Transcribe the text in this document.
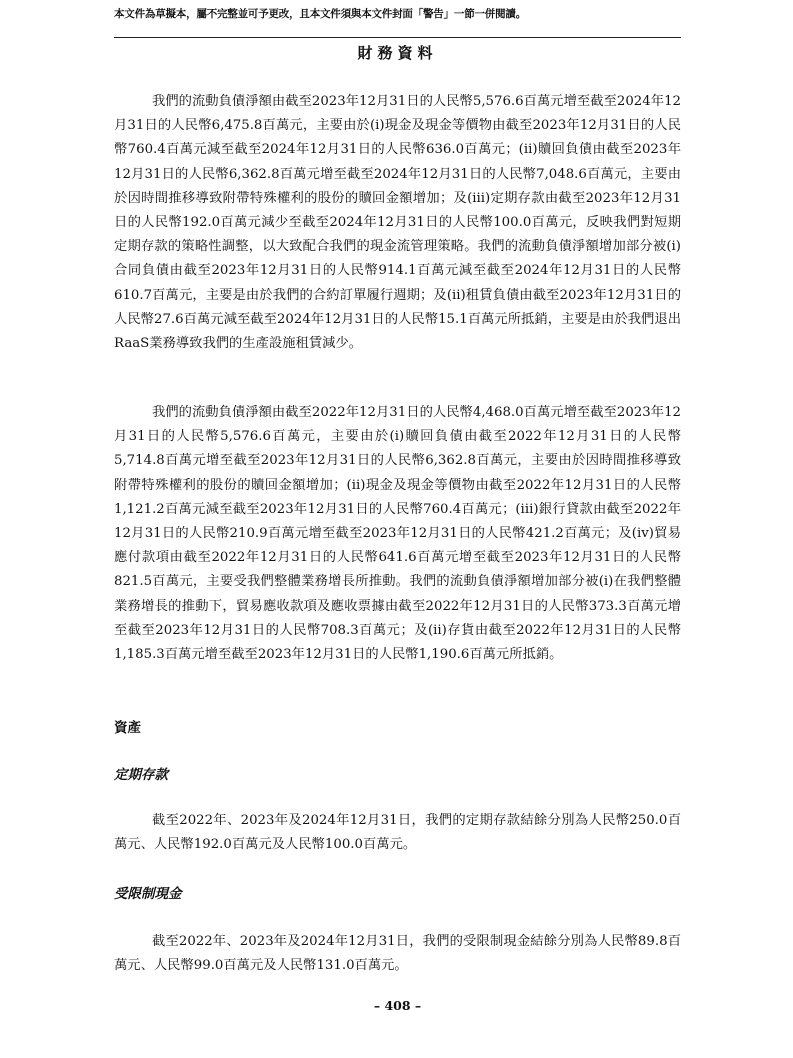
本文件為草擬本，屬不完整並可予更改，且本文件須與本文件封面「警告」一節一併閱讀。
財務資料

我們的流動負債淨額由截至2023年12月31日的人民幣5,576.6百萬元增至截至2024年12月31日的人民幣6,475.8百萬元，主要由於(i)現金及現金等價物由截至2023年12月31日的人民幣760.4百萬元減至截至2024年12月31日的人民幣636.0百萬元；(ii)贖回負債由截至2023年12月31日的人民幣6,362.8百萬元增至截至2024年12月31日的人民幣7,048.6百萬元，主要由於因時間推移導致附帶特殊權利的股份的贖回金額增加；及(iii)定期存款由截至2023年12月31日的人民幣192.0百萬元減少至截至2024年12月31日的人民幣100.0百萬元，反映我們對短期定期存款的策略性調整，以大致配合我們的現金流管理策略。我們的流動負債淨額增加部分被(i)合同負債由截至2023年12月31日的人民幣914.1百萬元減至截至2024年12月31日的人民幣610.7百萬元，主要是由於我們的合約訂單履行週期；及(ii)租賃負債由截至2023年12月31日的人民幣27.6百萬元減至截至2024年12月31日的人民幣15.1百萬元所抵銷，主要是由於我們退出RaaS業務導致我們的生產設施租賃減少。

我們的流動負債淨額由截至2022年12月31日的人民幣4,468.0百萬元增至截至2023年12月31日的人民幣5,576.6百萬元，主要由於(i)贖回負債由截至2022年12月31日的人民幣5,714.8百萬元增至截至2023年12月31日的人民幣6,362.8百萬元，主要由於因時間推移導致附帶特殊權利的股份的贖回金額增加；(ii)現金及現金等價物由截至2022年12月31日的人民幣1,121.2百萬元減至截至2023年12月31日的人民幣760.4百萬元；(iii)銀行貸款由截至2022年12月31日的人民幣210.9百萬元增至截至2023年12月31日的人民幣421.2百萬元；及(iv)貿易應付款項由截至2022年12月31日的人民幣641.6百萬元增至截至2023年12月31日的人民幣821.5百萬元，主要受我們整體業務增長所推動。我們的流動負債淨額增加部分被(i)在我們整體業務增長的推動下，貿易應收款項及應收票據由截至2022年12月31日的人民幣373.3百萬元增至截至2023年12月31日的人民幣708.3百萬元；及(ii)存貨由截至2022年12月31日的人民幣1,185.3百萬元增至截至2023年12月31日的人民幣1,190.6百萬元所抵銷。

資產
定期存款

截至2022年、2023年及2024年12月31日，我們的定期存款結餘分別為人民幣250.0百萬元、人民幣192.0百萬元及人民幣100.0百萬元。

受限制現金

截至2022年、2023年及2024年12月31日，我們的受限制現金結餘分別為人民幣89.8百萬元、人民幣99.0百萬元及人民幣131.0百萬元。

– 408 –
